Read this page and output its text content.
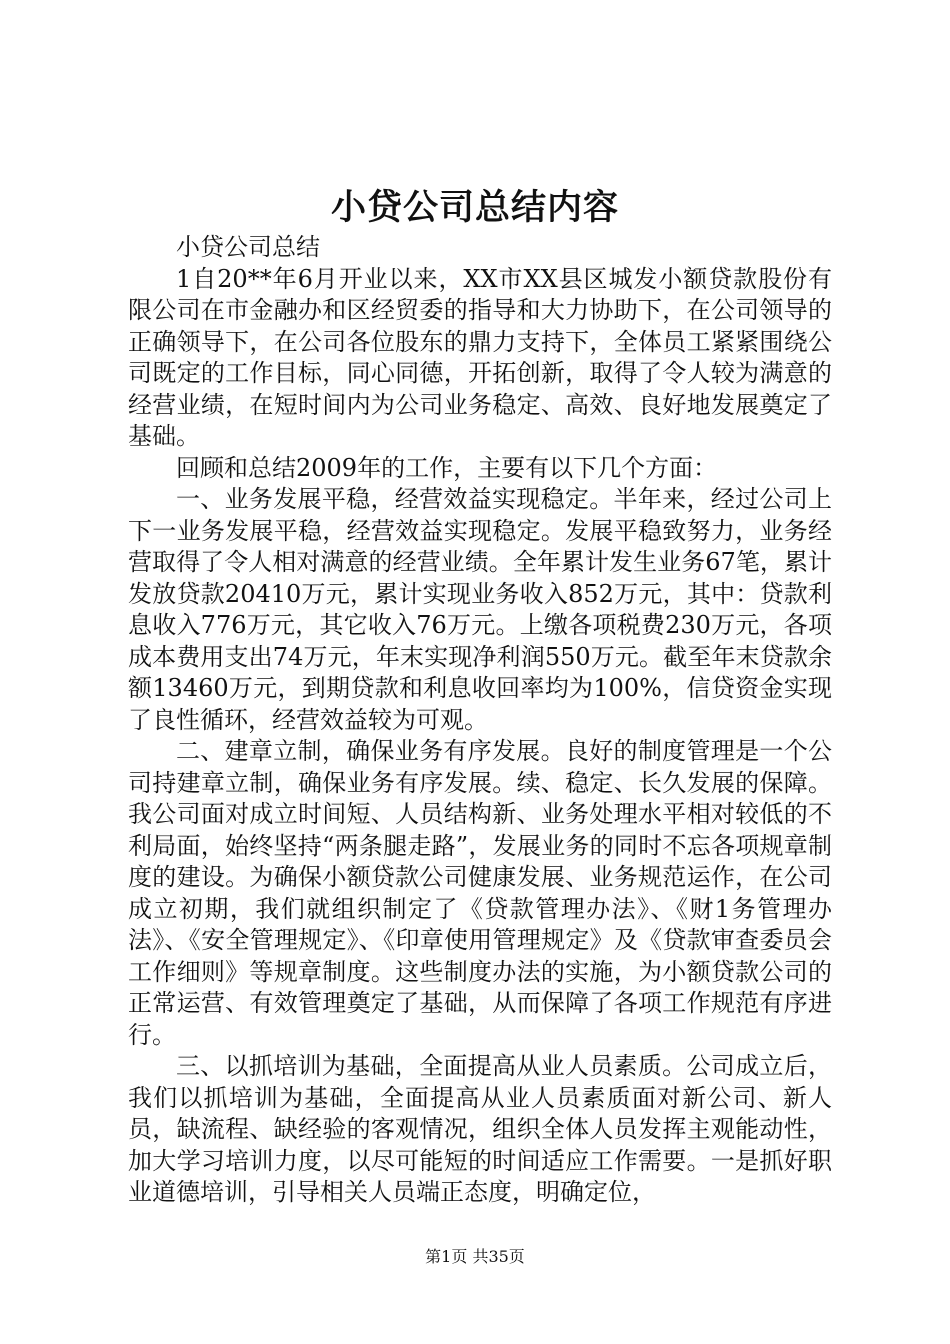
小贷公司总结内容

小贷公司总结

1自20**年6月开业以来，XX市XX县区城发小额贷款股份有限公司在市金融办和区经贸委的指导和大力协助下，在公司领导的正确领导下，在公司各位股东的鼎力支持下，全体员工紧紧围绕公司既定的工作目标，同心同德，开拓创新，取得了令人较为满意的经营业绩，在短时间内为公司业务稳定、高效、良好地发展奠定了基础。

回顾和总结2009年的工作，主要有以下几个方面：

一、业务发展平稳，经营效益实现稳定。半年来，经过公司上下一业务发展平稳，经营效益实现稳定。发展平稳致努力，业务经营取得了令人相对满意的经营业绩。全年累计发生业务67笔，累计发放贷款20410万元，累计实现业务收入852万元，其中：贷款利息收入776万元，其它收入76万元。上缴各项税费230万元，各项成本费用支出74万元，年末实现净利润550万元。截至年末贷款余额13460万元，到期贷款和利息收回率均为100%，信贷资金实现了良性循环，经营效益较为可观。

二、建章立制，确保业务有序发展。良好的制度管理是一个公司持建章立制，确保业务有序发展。续、稳定、长久发展的保障。我公司面对成立时间短、人员结构新、业务处理水平相对较低的不利局面，始终坚持“两条腿走路”，发展业务的同时不忘各项规章制度的建设。为确保小额贷款公司健康发展、业务规范运作，在公司成立初期，我们就组织制定了《贷款管理办法》、《财1务管理办法》、《安全管理规定》、《印章使用管理规定》及《贷款审查委员会工作细则》等规章制度。这些制度办法的实施，为小额贷款公司的正常运营、有效管理奠定了基础，从而保障了各项工作规范有序进行。

三、以抓培训为基础，全面提高从业人员素质。公司成立后，我们以抓培训为基础，全面提高从业人员素质面对新公司、新人员，缺流程、缺经验的客观情况，组织全体人员发挥主观能动性，加大学习培训力度，以尽可能短的时间适应工作需要。一是抓好职业道德培训，引导相关人员端正态度，明确定位，

第1页 共35页
